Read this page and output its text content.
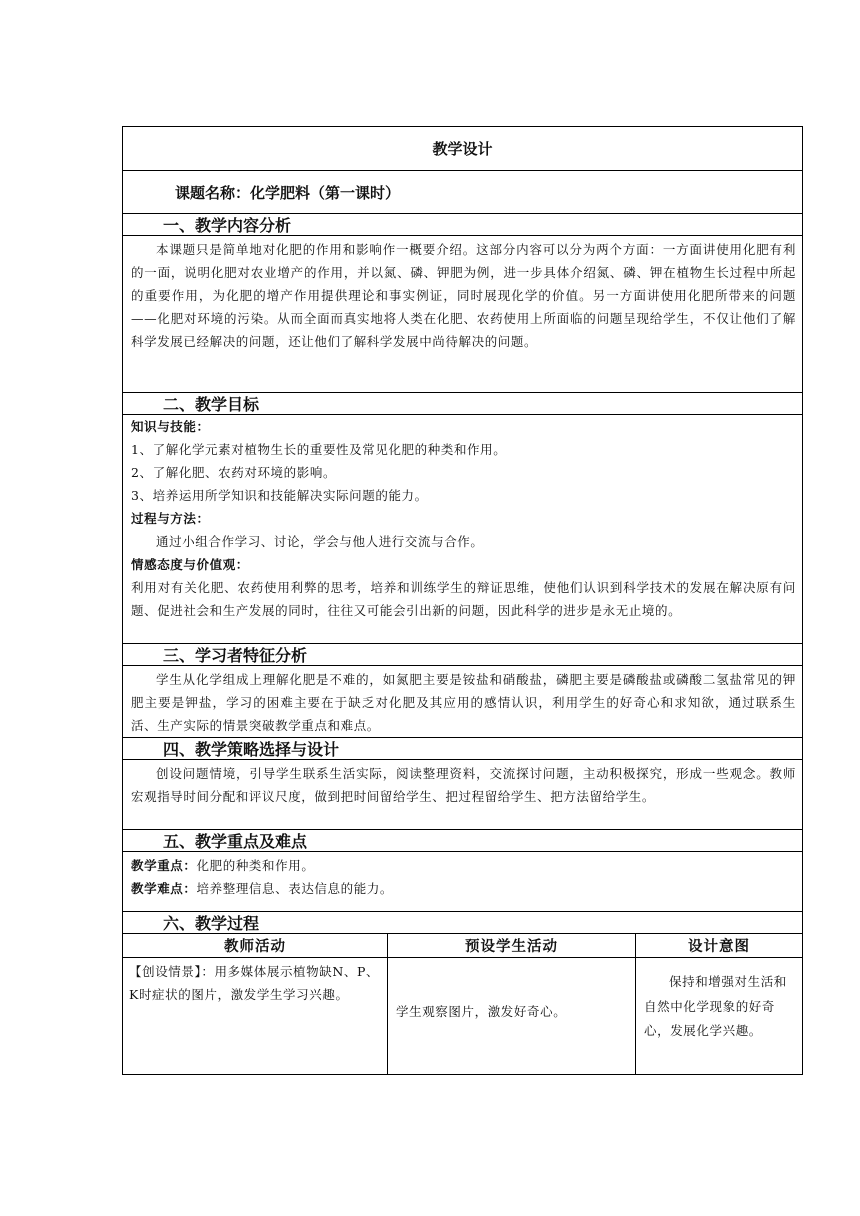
教学设计
课题名称：化学肥料（第一课时）
一、教学内容分析
本课题只是简单地对化肥的作用和影响作一概要介绍。这部分内容可以分为两个方面：一方面讲使用化肥有利的一面，说明化肥对农业增产的作用，并以氮、磷、钾肥为例，进一步具体介绍氮、磷、钾在植物生长过程中所起的重要作用，为化肥的增产作用提供理论和事实例证，同时展现化学的价值。另一方面讲使用化肥所带来的问题——化肥对环境的污染。从而全面而真实地将人类在化肥、农药使用上所面临的问题呈现给学生，不仅让他们了解科学发展已经解决的问题，还让他们了解科学发展中尚待解决的问题。
二、教学目标
知识与技能：
1、了解化学元素对植物生长的重要性及常见化肥的种类和作用。
2、了解化肥、农药对环境的影响。
3、培养运用所学知识和技能解决实际问题的能力。
过程与方法：
通过小组合作学习、讨论，学会与他人进行交流与合作。
情感态度与价值观：
利用对有关化肥、农药使用利弊的思考，培养和训练学生的辩证思维，使他们认识到科学技术的发展在解决原有问题、促进社会和生产发展的同时，往往又可能会引出新的问题，因此科学的进步是永无止境的。
三、学习者特征分析
学生从化学组成上理解化肥是不难的，如氮肥主要是铵盐和硝酸盐，磷肥主要是磷酸盐或磷酸二氢盐常见的钾肥主要是钾盐，学习的困难主要在于缺乏对化肥及其应用的感情认识，利用学生的好奇心和求知欲，通过联系生活、生产实际的情景突破教学重点和难点。
四、教学策略选择与设计
创设问题情境，引导学生联系生活实际，阅读整理资料，交流探讨问题，主动积极探究，形成一些观念。教师宏观指导时间分配和评议尺度，做到把时间留给学生、把过程留给学生、把方法留给学生。
五、教学重点及难点
教学重点：化肥的种类和作用。
教学难点：培养整理信息、表达信息的能力。
六、教学过程
教师活动	预设学生活动	设计意图
【创设情景】：用多媒体展示植物缺N、P、K时症状的图片，激发学生学习兴趣。
学生观察图片，激发好奇心。
保持和增强对生活和自然中化学现象的好奇心，发展化学兴趣。
